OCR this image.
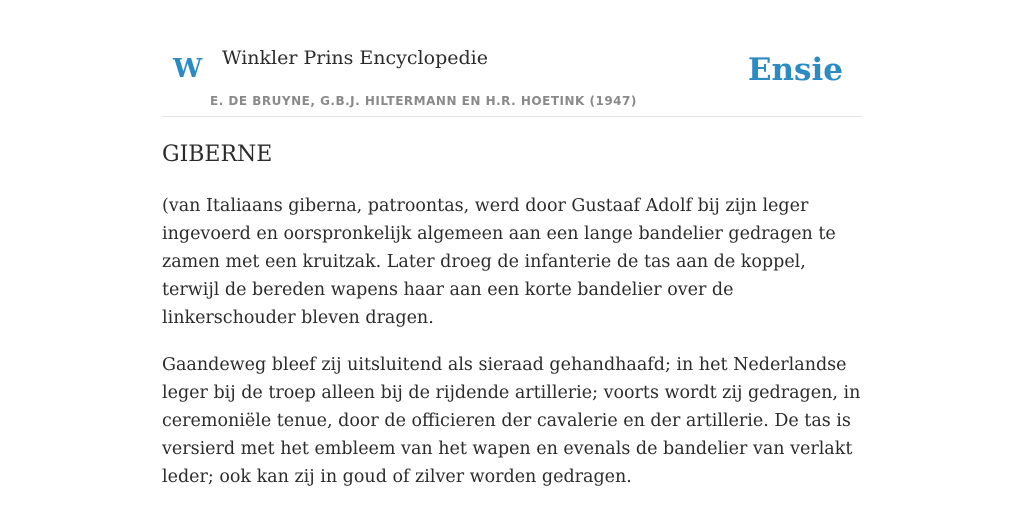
W Winkler Prins Encyclopedie
E. DE BRUYNE, G.B.J. HILTERMANN EN H.R. HOETINK (1947)
Ensie
GIBERNE

(van Italiaans giberna, patroontas, werd door Gustaaf Adolf bij zijn leger ingevoerd en oorspronkelijk algemeen aan een lange bandelier gedragen te zamen met een kruitzak. Later droeg de infanterie de tas aan de koppel, terwijl de bereden wapens haar aan een korte bandelier over de linkerschouder bleven dragen.

Gaandeweg bleef zij uitsluitend als sieraad gehandhaafd; in het Nederlandse leger bij de troep alleen bij de rijdende artillerie; voorts wordt zij gedragen, in ceremoniële tenue, door de officieren der cavalerie en der artillerie. De tas is versierd met het embleem van het wapen en evenals de bandelier van verlakt leder; ook kan zij in goud of zilver worden gedragen.
